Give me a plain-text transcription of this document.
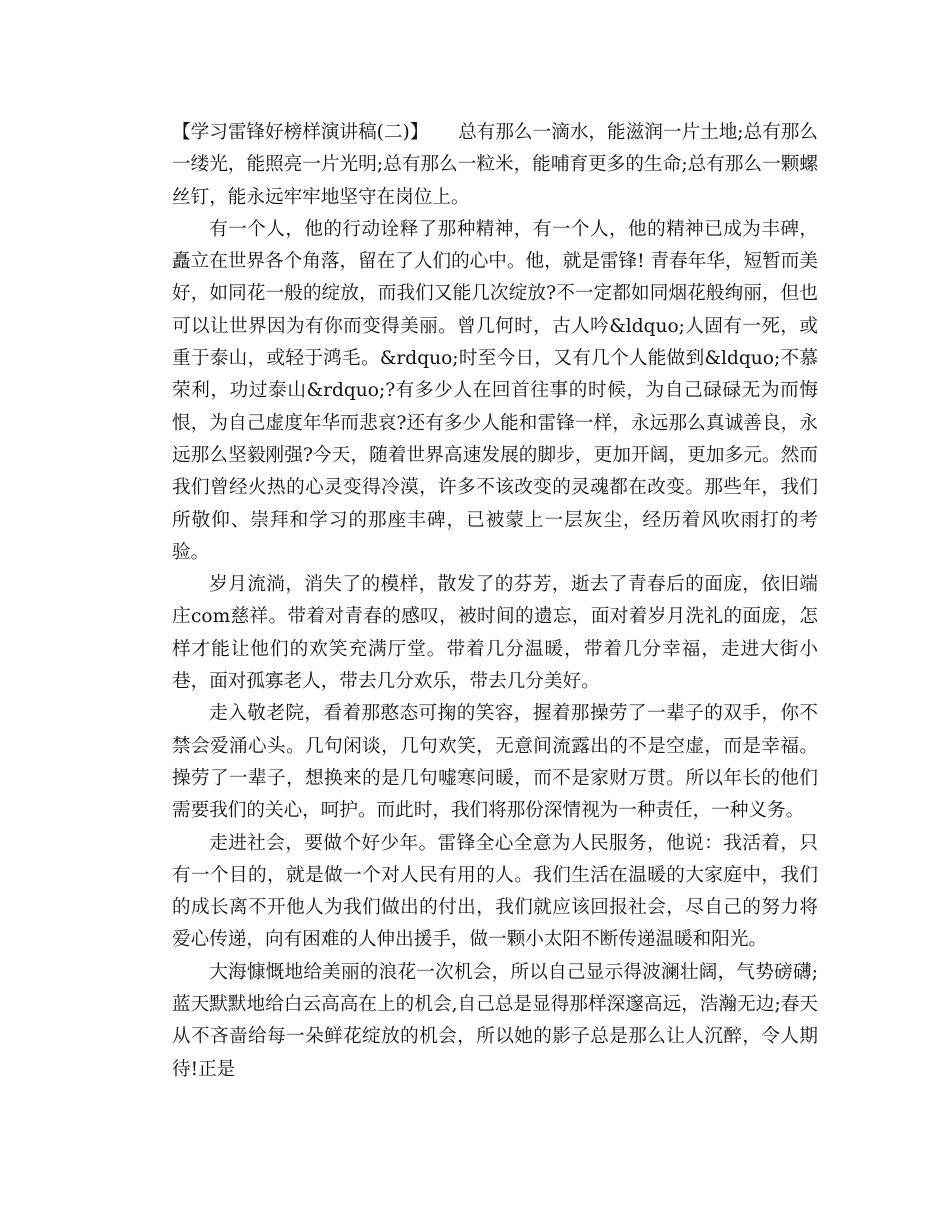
【学习雷锋好榜样演讲稿(二)】 总有那么一滴水，能滋润一片土地;总有那么一缕光，能照亮一片光明;总有那么一粒米，能哺育更多的生命;总有那么一颗螺丝钉，能永远牢牢地坚守在岗位上。

有一个人，他的行动诠释了那种精神，有一个人，他的精神已成为丰碑，矗立在世界各个角落，留在了人们的心中。他，就是雷锋! 青春年华，短暂而美好，如同花一般的绽放，而我们又能几次绽放?不一定都如同烟花般绚丽，但也可以让世界因为有你而变得美丽。曾几何时，古人吟&ldquo;人固有一死，或重于泰山，或轻于鸿毛。&rdquo;时至今日，又有几个人能做到&ldquo;不慕荣利，功过泰山&rdquo;?有多少人在回首往事的时候，为自己碌碌无为而悔恨，为自己虚度年华而悲哀?还有多少人能和雷锋一样，永远那么真诚善良，永远那么坚毅刚强?今天，随着世界高速发展的脚步，更加开阔，更加多元。然而我们曾经火热的心灵变得冷漠，许多不该改变的灵魂都在改变。那些年，我们所敬仰、崇拜和学习的那座丰碑，已被蒙上一层灰尘，经历着风吹雨打的考验。

岁月流淌，消失了的模样，散发了的芬芳，逝去了青春后的面庞，依旧端庄com慈祥。带着对青春的感叹，被时间的遗忘，面对着岁月洗礼的面庞，怎样才能让他们的欢笑充满厅堂。带着几分温暖，带着几分幸福，走进大街小巷，面对孤寡老人，带去几分欢乐，带去几分美好。

走入敬老院，看着那憨态可掬的笑容，握着那操劳了一辈子的双手，你不禁会爱涌心头。几句闲谈，几句欢笑，无意间流露出的不是空虚，而是幸福。操劳了一辈子，想换来的是几句嘘寒问暖，而不是家财万贯。所以年长的他们需要我们的关心，呵护。而此时，我们将那份深情视为一种责任，一种义务。

走进社会，要做个好少年。雷锋全心全意为人民服务，他说：我活着，只有一个目的，就是做一个对人民有用的人。我们生活在温暖的大家庭中，我们的成长离不开他人为我们做出的付出，我们就应该回报社会，尽自己的努力将爱心传递，向有困难的人伸出援手，做一颗小太阳不断传递温暖和阳光。

大海慷慨地给美丽的浪花一次机会，所以自己显示得波澜壮阔，气势磅礴;蓝天默默地给白云高高在上的机会,自己总是显得那样深邃高远，浩瀚无边;春天从不吝啬给每一朵鲜花绽放的机会，所以她的影子总是那么让人沉醉，令人期待!正是
